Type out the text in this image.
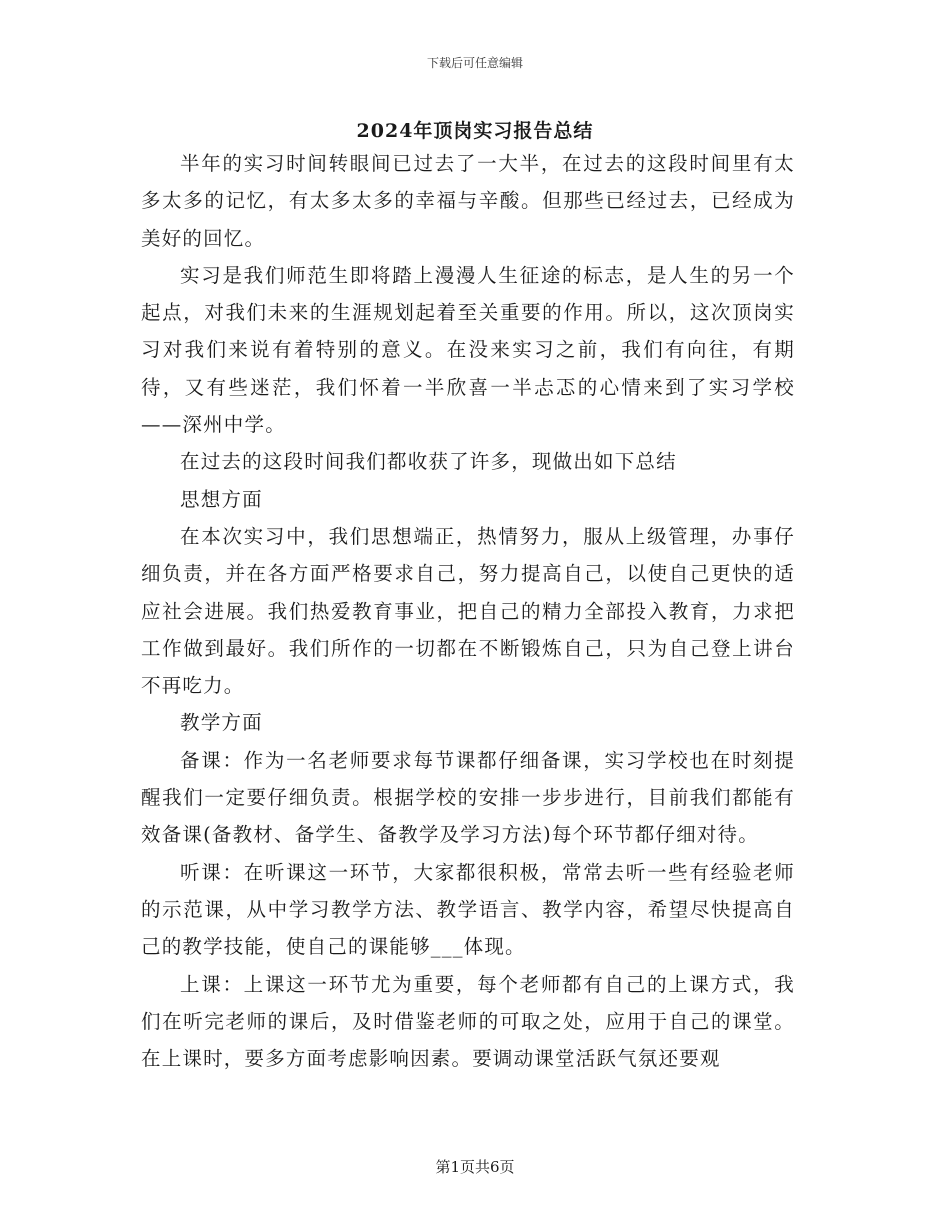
下载后可任意编辑
2024年顶岗实习报告总结

半年的实习时间转眼间已过去了一大半，在过去的这段时间里有太多太多的记忆，有太多太多的幸福与辛酸。但那些已经过去，已经成为美好的回忆。

实习是我们师范生即将踏上漫漫人生征途的标志，是人生的另一个起点，对我们未来的生涯规划起着至关重要的作用。所以，这次顶岗实习对我们来说有着特别的意义。在没来实习之前，我们有向往，有期待，又有些迷茫，我们怀着一半欣喜一半忐忑的心情来到了实习学校——深州中学。

在过去的这段时间我们都收获了许多，现做出如下总结

思想方面

在本次实习中，我们思想端正，热情努力，服从上级管理，办事仔细负责，并在各方面严格要求自己，努力提高自己，以使自己更快的适应社会进展。我们热爱教育事业，把自己的精力全部投入教育，力求把工作做到最好。我们所作的一切都在不断锻炼自己，只为自己登上讲台不再吃力。

教学方面

备课：作为一名老师要求每节课都仔细备课，实习学校也在时刻提醒我们一定要仔细负责。根据学校的安排一步步进行，目前我们都能有效备课(备教材、备学生、备教学及学习方法)每个环节都仔细对待。

听课：在听课这一环节，大家都很积极，常常去听一些有经验老师的示范课，从中学习教学方法、教学语言、教学内容，希望尽快提高自己的教学技能，使自己的课能够___体现。

上课：上课这一环节尤为重要，每个老师都有自己的上课方式，我们在听完老师的课后，及时借鉴老师的可取之处，应用于自己的课堂。在上课时，要多方面考虑影响因素。要调动课堂活跃气氛还要观

第1页共6页
